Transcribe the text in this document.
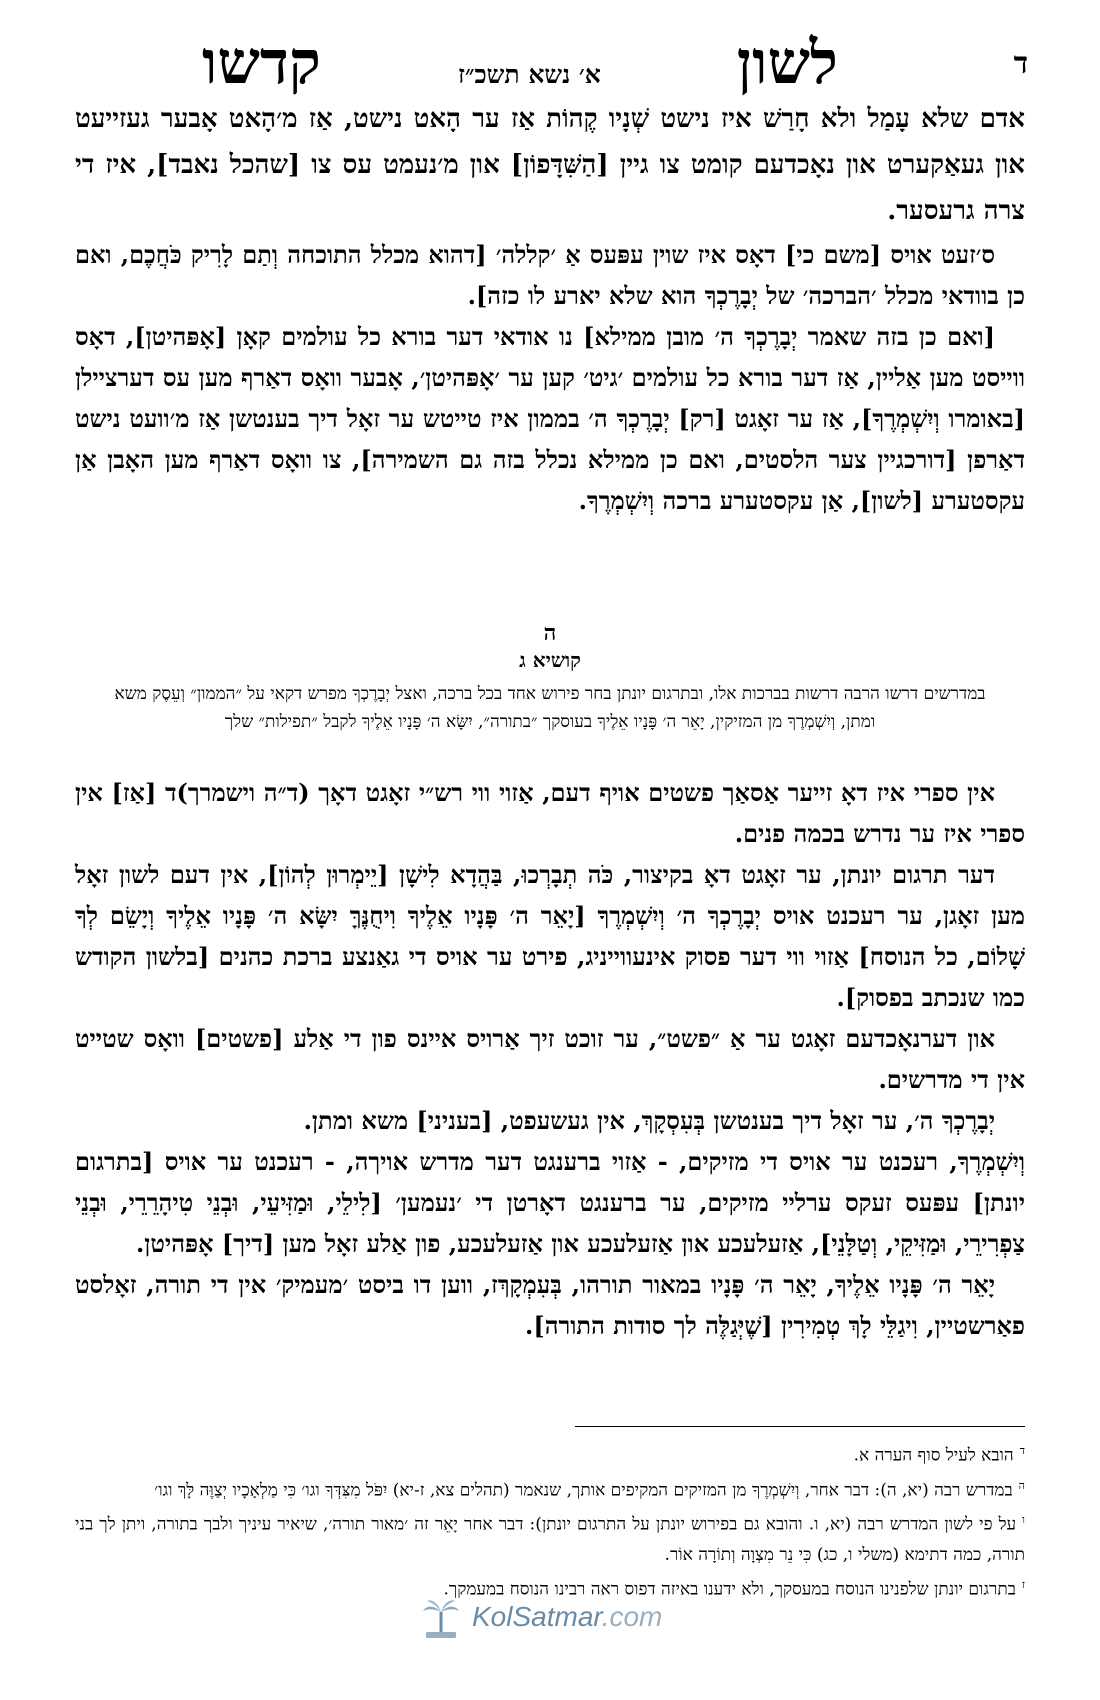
ד
לשון
א׳ נשא תשכ״ז
קדשו

אדם שלא עָמַל ולא חָרַשׁ איז נישט שְׁנָיו קֶהוֹת אַז ער הָאט נישט, אַז מ׳הָאט אָבער געזייעט און געאַקערט און נאָכדעם קומט צו גיין [הַשִּׁדָּפוֹן] און מ׳נעמט עס צו [שהכל נאבד], איז די צרה גרעסער.

ס׳זעט אויס [משם כי] דאָס איז שוין עפּעס אַ ׳קללה׳ [דהוא מכלל התוכחה וְתַם לָרִיק כֹּחֲכֶם, ואם כן בוודאי מכלל ׳הברכה׳ של יְבָרֶכְךָ הוא שלא יארע לו כזה].

[ואם כן בזה שאמר יְבָרֶכְךָ ה׳ מובן ממילא] נו אודאי דער בורא כל עולמים קאָן [אָפּהיטן], דאָס ווייסט מען אַליין, אַז דער בורא כל עולמים ׳גיט׳ קען ער ׳אָפּהיטן׳, אָבער וואָס דאַרף מען עס דערציילן [באומרו וְיִשְׁמְרֶךָ], אַז ער זאָגט [רק] יְבָרֶכְךָ ה׳ בממון איז טייטש ער זאָל דיך בענטשן אַז מ׳וועט נישט דאַרפן [דורכגיין צער הלסטים, ואם כן ממילא נכלל בזה גם השמירה], צו וואָס דאַרף מען האָבן אַן עקסטערע [לשון], אַן עקסטערע ברכה וְיִשְׁמְרֶךָ.

ה
קושיא ג
במדרשים דרשו הרבה דרשות בברכות אלו, ובתרגום יונתן בחר פירוש אחד בכל ברכה, ואצל יְבָרֶכְךָ מפרש דקאי על ״הממון״ וְעֵסֶק משא ומתן, וְיִשְׁמְרֶךָ מן המזיקין, יָאֵר ה׳ פָּנָיו אֵלֶיךָ בעוסקך ״בתורה״, יִשָּׂא ה׳ פָּנָיו אֵלֶיךָ לקבל ״תפילות״ שלך

אין ספרי איז דאָ זייער אַסאַך פשטים אויף דעם, אַזוי ווי רש״י זאָגט דאָך (ד״ה וישמרך)ד [אַז] אין ספרי איז ער נדרש בכמה פנים.

דער תרגום יונתן, ער זאָגט דאָ בקיצור, כֹּה תְבָרְכוּ, בַּהֲדָא לִישָׁן [יֵימְרוּן לְהוֹן], אין דעם לשון זאָל מען זאָגן, ער רעכנט אויס יְבָרֶכְךָ ה׳ וְיִשְׁמְרֶךָ [יָאֵר ה׳ פָּנָיו אֵלֶיךָ וִיחֻנֶּךָּ יִשָּׂא ה׳ פָּנָיו אֵלֶיךָ וְיָשֵׂם לְךָ שָׁלוֹם, כל הנוסח] אַזוי ווי דער פסוק אינעווייניג, פירט ער אויס די גאַנצע ברכת כהנים [בלשון הקודש כמו שנכתב בפסוק].

און דערנאָכדעם זאָגט ער אַ ״פשט״, ער זוכט זיך אַרויס איינס פון די אַלע [פשטים] וואָס שטייט אין די מדרשים.

יְבָרֶכְךָ ה׳, ער זאָל דיך בענטשן בְּעִסְקָךְ, אין געשעפט, [בעניני] משא ומתן.

וְיִשְׁמְרֶךָ, רעכנט ער אויס די מזיקים, - אַזוי ברענגט דער מדרש אויךה, - רעכנט ער אויס [בתרגום יונתן] עפּעס זעקס ערליי מזיקים, ער ברענגט דאָרטן די ׳נעמען׳ [לִילֵי, וּמַזִּיעֵי, וּבְנֵי טִיהָרֵרֵי, וּבְנֵי צַפְרִירֵי, וּמַזִּיקֵי, וְטַלָּנֵי], אַזעלעכע און אַזעלעכע און אַזעלעכע, פון אַלע זאָל מען [דיך] אָפּהיטן.

יָאֵר ה׳ פָּנָיו אֵלֶיךָ, יָאֵר ה׳ פָּנָיו במאור תורהו, בְּעִמְקָךְז, ווען דו ביסט ׳מעמיק׳ אין די תורה, זאָלסט פאַרשטיין, וִיגַלֵּי לָךְ טְמִירִין [שֶׁיְּגַלֶּה לך סודות התורה].

$^ד$הובא לעיל סוף הערה א.
$^ה$במדרש רבה (יא, ה): דבר אחר, וְיִשְׁמְרֶךָ מן המזיקים המקיפים אותך, שנאמר (תהלים צא, ז-יא) יִפֹּל מִצִּדְּךָ וגו׳ כִּי מַלְאָכָיו יְצַוֶּה לָּךְ וגו׳
$^ו$על פי לשון המדרש רבה (יא, ו. והובא גם בפירוש יונתן על התרגום יונתן): דבר אחר יָאֵר זה ׳מאור תורה׳, שיאיר עיניך ולבך בתורה, ויתן לך בני תורה, כמה דתימא (משלי ו, כג) כִּי נֵר מִצְוָה וְתוֹרָה אוֹר.
$^ז$בתרגום יונתן שלפנינו הנוסח במעסקך, ולא ידענו באיזה דפוס ראה רבינו הנוסח במעמקך.
KolSatmar.com
